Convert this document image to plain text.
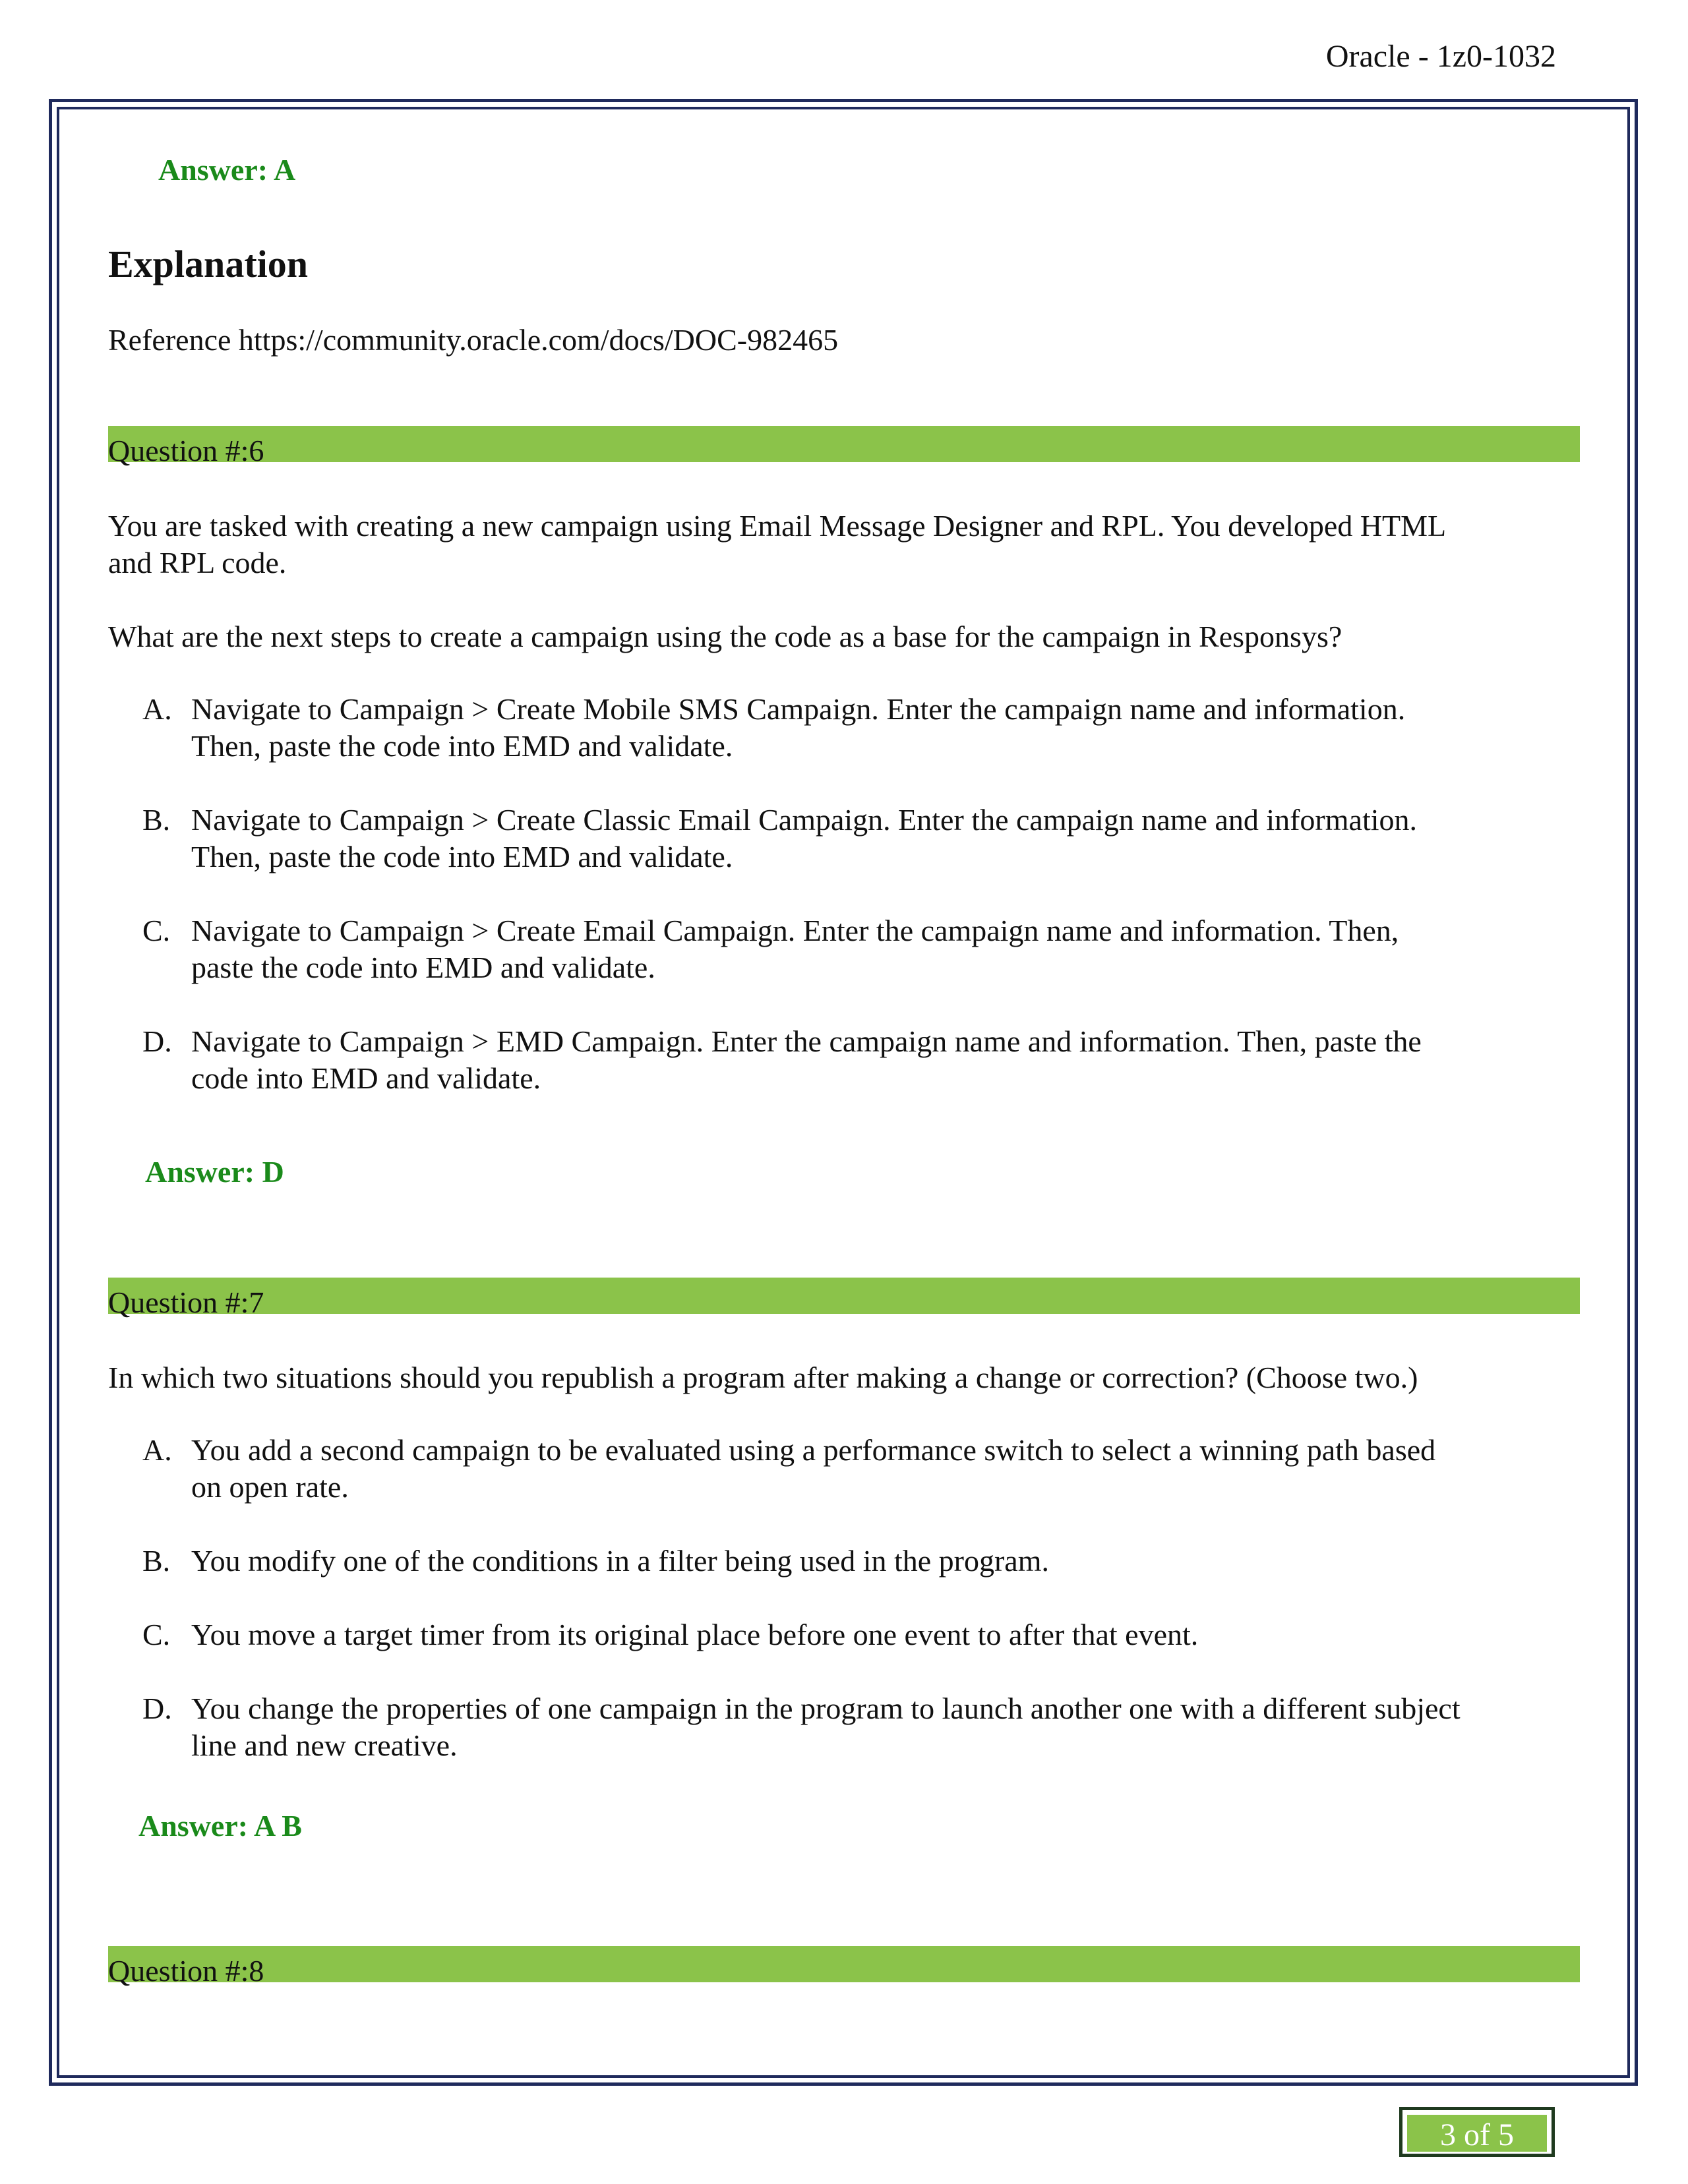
Oracle - 1z0-1032
Answer: A
Explanation
Reference https://community.oracle.com/docs/DOC-982465
Question #:6
You are tasked with creating a new campaign using Email Message Designer and RPL. You developed HTML
and RPL code.
What are the next steps to create a campaign using the code as a base for the campaign in Responsys?
A. Navigate to Campaign > Create Mobile SMS Campaign. Enter the campaign name and information.
Then, paste the code into EMD and validate.
B. Navigate to Campaign > Create Classic Email Campaign. Enter the campaign name and information.
Then, paste the code into EMD and validate.
C. Navigate to Campaign > Create Email Campaign. Enter the campaign name and information. Then,
paste the code into EMD and validate.
D. Navigate to Campaign > EMD Campaign. Enter the campaign name and information. Then, paste the
code into EMD and validate.
Answer: D
Question #:7
In which two situations should you republish a program after making a change or correction? (Choose two.)
A. You add a second campaign to be evaluated using a performance switch to select a winning path based
on open rate.
B. You modify one of the conditions in a filter being used in the program.
C. You move a target timer from its original place before one event to after that event.
D. You change the properties of one campaign in the program to launch another one with a different subject
line and new creative.
Answer: A B
Question #:8
3 of 5
